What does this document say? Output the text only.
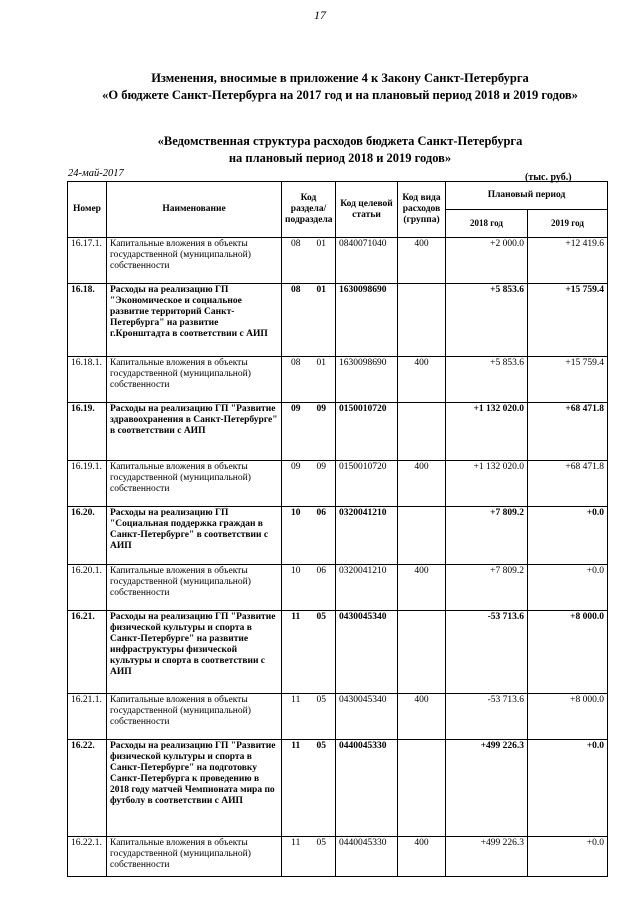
17
Изменения, вносимые в приложение 4 к Закону Санкт-Петербурга
«О бюджете Санкт-Петербурга на 2017 год и на плановый период 2018 и 2019 годов»
«Ведомственная структура расходов бюджета Санкт-Петербурга
на плановый период 2018 и 2019 годов»
24-май-2017	(тыс. руб.)
Номер	Наименование	Код раздела/ подраздела	Код целевой статьи	Код вида расходов (группа)	Плановый период	
					2018 год	2019 год
16.17.1.	Капитальные вложения в объекты государственной (муниципальной) собственности	08 01	0840071040	400	+2 000.0	+12 419.6
16.18.	Расходы на реализацию ГП "Экономическое и социальное развитие территорий Санкт-Петербурга" на развитие г.Кронштадта в соответствии с АИП	08 01	1630098690		+5 853.6	+15 759.4
16.18.1.	Капитальные вложения в объекты государственной (муниципальной) собственности	08 01	1630098690	400	+5 853.6	+15 759.4
16.19.	Расходы на реализацию ГП "Развитие здравоохранения в Санкт-Петербурге" в соответствии с АИП	09 09	0150010720		+1 132 020.0	+68 471.8
16.19.1.	Капитальные вложения в объекты государственной (муниципальной) собственности	09 09	0150010720	400	+1 132 020.0	+68 471.8
16.20.	Расходы на реализацию ГП "Социальная поддержка граждан в Санкт-Петербурге" в соответствии с АИП	10 06	0320041210		+7 809.2	+0.0
16.20.1.	Капитальные вложения в объекты государственной (муниципальной) собственности	10 06	0320041210	400	+7 809.2	+0.0
16.21.	Расходы на реализацию ГП "Развитие физической культуры и спорта в Санкт-Петербурге" на развитие инфраструктуры физической культуры и спорта в соответствии с АИП	11 05	0430045340		-53 713.6	+8 000.0
16.21.1.	Капитальные вложения в объекты государственной (муниципальной) собственности	11 05	0430045340	400	-53 713.6	+8 000.0
16.22.	Расходы на реализацию ГП "Развитие физической культуры и спорта в Санкт-Петербурге" на подготовку Санкт-Петербурга к проведению в 2018 году матчей Чемпионата мира по футболу в соответствии с АИП	11 05	0440045330		+499 226.3	+0.0
16.22.1.	Капитальные вложения в объекты государственной (муниципальной) собственности	11 05	0440045330	400	+499 226.3	+0.0
